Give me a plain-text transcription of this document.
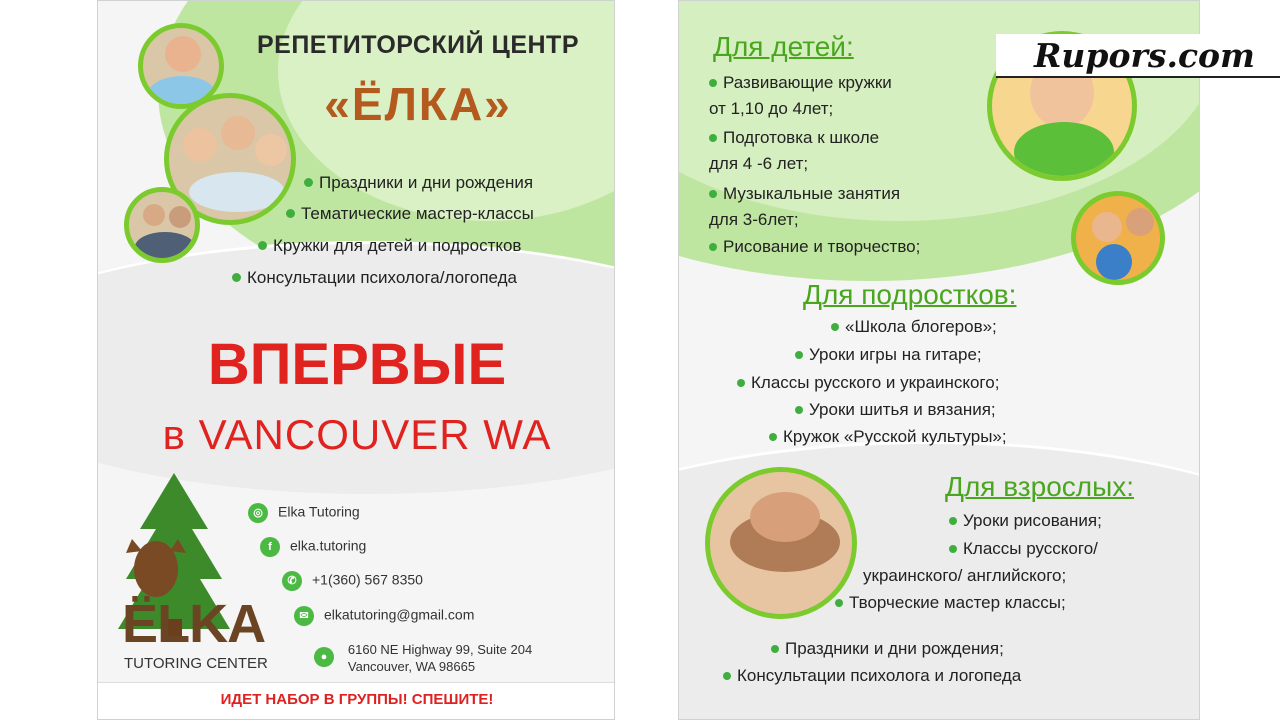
РЕПЕТИТОРСКИЙ ЦЕНТР
«ЁЛКА»
Праздники и дни рождения
Тематические мастер-классы
Кружки для детей и подростков
Консультации психолога/логопеда
ВПЕРВЫЕ
в VANCOUVER WA
ЁLKA
TUTORING CENTER
◎ Elka Tutoring
f elka.tutoring
✆ +1(360) 567 8350
✉ elkatutoring@gmail.com
● 6160 NE Highway 99, Suite 204
Vancouver, WA 98665
ИДЕТ НАБОР В ГРУППЫ! СПЕШИТЕ!
Для детей:
Развивающие кружки
от 1,10 до 4лет;
Подготовка к школе
для 4 -6 лет;
Музыкальные занятия
для 3-6лет;
Рисование и творчество;
Для подростков:
«Школа блогеров»;
Уроки игры на гитаре;
Классы русского и украинского;
Уроки шитья и вязания;
Кружок «Русской культуры»;
Для взрослых:
Уроки рисования;
Классы русского/
украинского/ английского;
Творческие мастер классы;
Праздники и дни рождения;
Консультации психолога и логопеда
Rupors.com
